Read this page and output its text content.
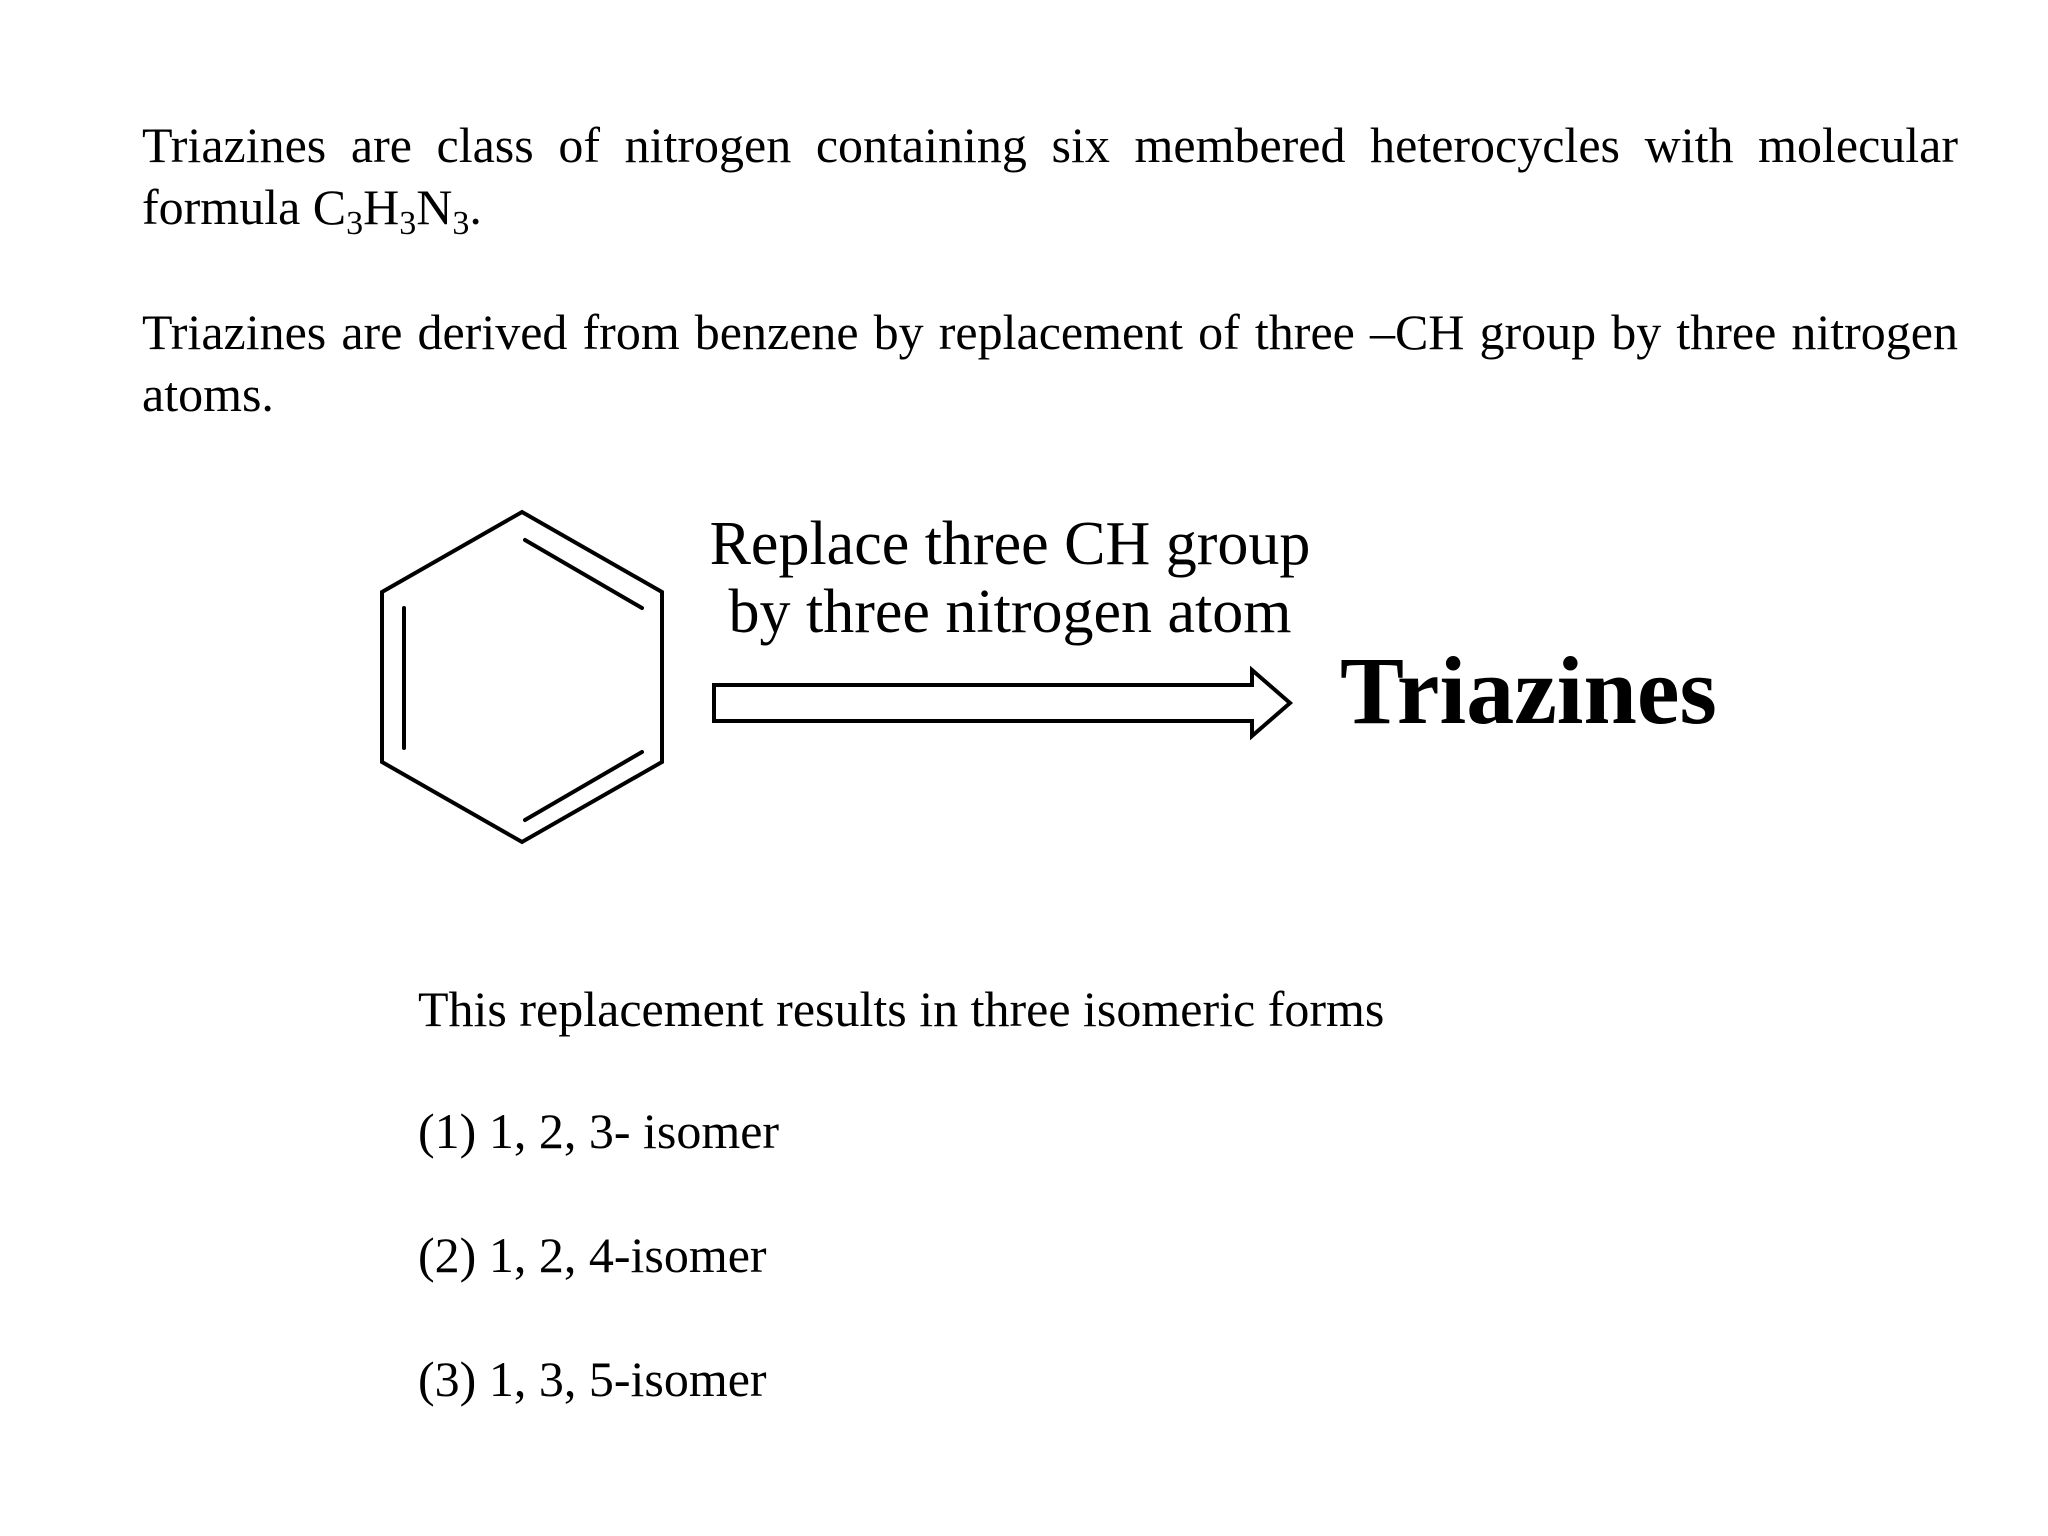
Triazines are class of nitrogen containing six membered heterocycles with molecular formula $C_3H_3N_3$.

Triazines are derived from benzene by replacement of three –CH group by three nitrogen atoms.

Replace three CH group
by three nitrogen atom
Triazines
This replacement results in three isomeric forms
(1) 1, 2, 3- isomer
(2) 1, 2, 4-isomer
(3) 1, 3, 5-isomer
